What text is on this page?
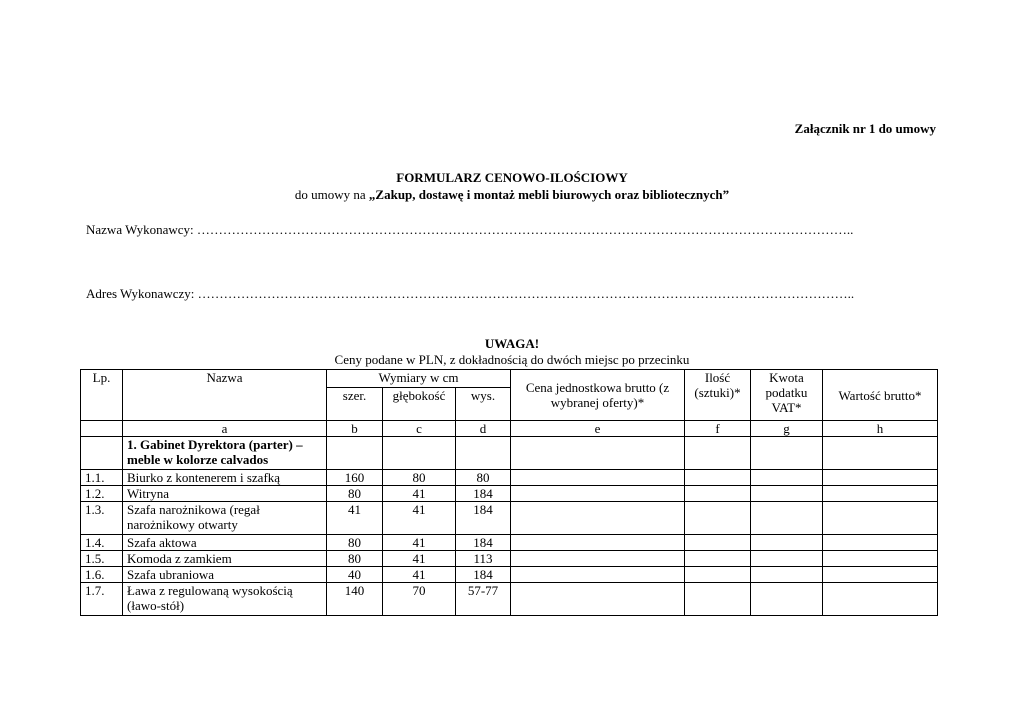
Załącznik nr 1 do umowy
FORMULARZ CENOWO-ILOŚCIOWY
do umowy na „Zakup, dostawę i montaż mebli biurowych oraz bibliotecznych”
Nazwa Wykonawcy: ……………………………………………………………………………………………………………………………………..
Adres Wykonawczy: ……………………………………………………………………………………………………………………………………..
UWAGA!
Ceny podane w PLN, z dokładnością do dwóch miejsc po przecinku
Lp.	Nazwa	Wymiary w cm			Cena jednostkowa brutto (z wybranej oferty)*	Ilość (sztuki)*	Kwota podatku VAT*	Wartość brutto*
		szer.	głębokość	wys.				
	a	b	c	d	e	f	g	h
	1. Gabinet Dyrektora (parter) – meble w kolorze calvados							
1.1.	Biurko z kontenerem i szafką	160	80	80				
1.2.	Witryna	80	41	184				
1.3.	Szafa narożnikowa (regał narożnikowy otwarty	41	41	184				
1.4.	Szafa aktowa	80	41	184				
1.5.	Komoda z zamkiem	80	41	113				
1.6.	Szafa ubraniowa	40	41	184				
1.7.	Ława z regulowaną wysokością (ławo-stół)	140	70	57-77				
